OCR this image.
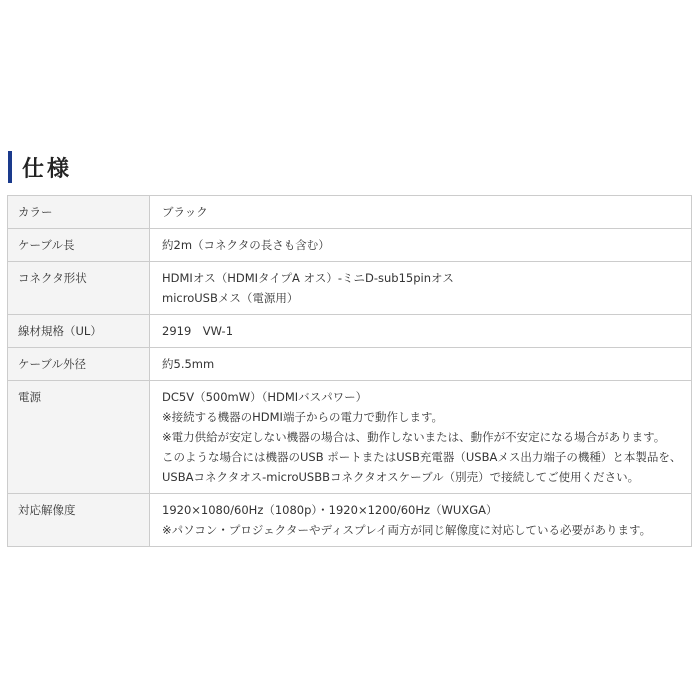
仕様
カラー	ブラック

ケーブル長	約2m（コネクタの長さも含む）

コネクタ形状	HDMIオス（HDMIタイプA オス）-ミニD-sub15pinオス
microUSBメス（電源用）

線材規格（UL）	2919　VW-1

ケーブル外径	約5.5mm

電源	DC5V（500mW）（HDMIバスパワー）
※接続する機器のHDMI端子からの電力で動作します。
※電力供給が安定しない機器の場合は、動作しないまたは、動作が不安定になる場合があります。
このような場合には機器のUSB ポートまたはUSB充電器（USBAメス出力端子の機種）と本製品を、
USBAコネクタオス-microUSBBコネクタオスケーブル（別売）で接続してご使用ください。

対応解像度	1920×1080/60Hz（1080p）・1920×1200/60Hz（WUXGA）
※パソコン・プロジェクターやディスプレイ両方が同じ解像度に対応している必要があります。
